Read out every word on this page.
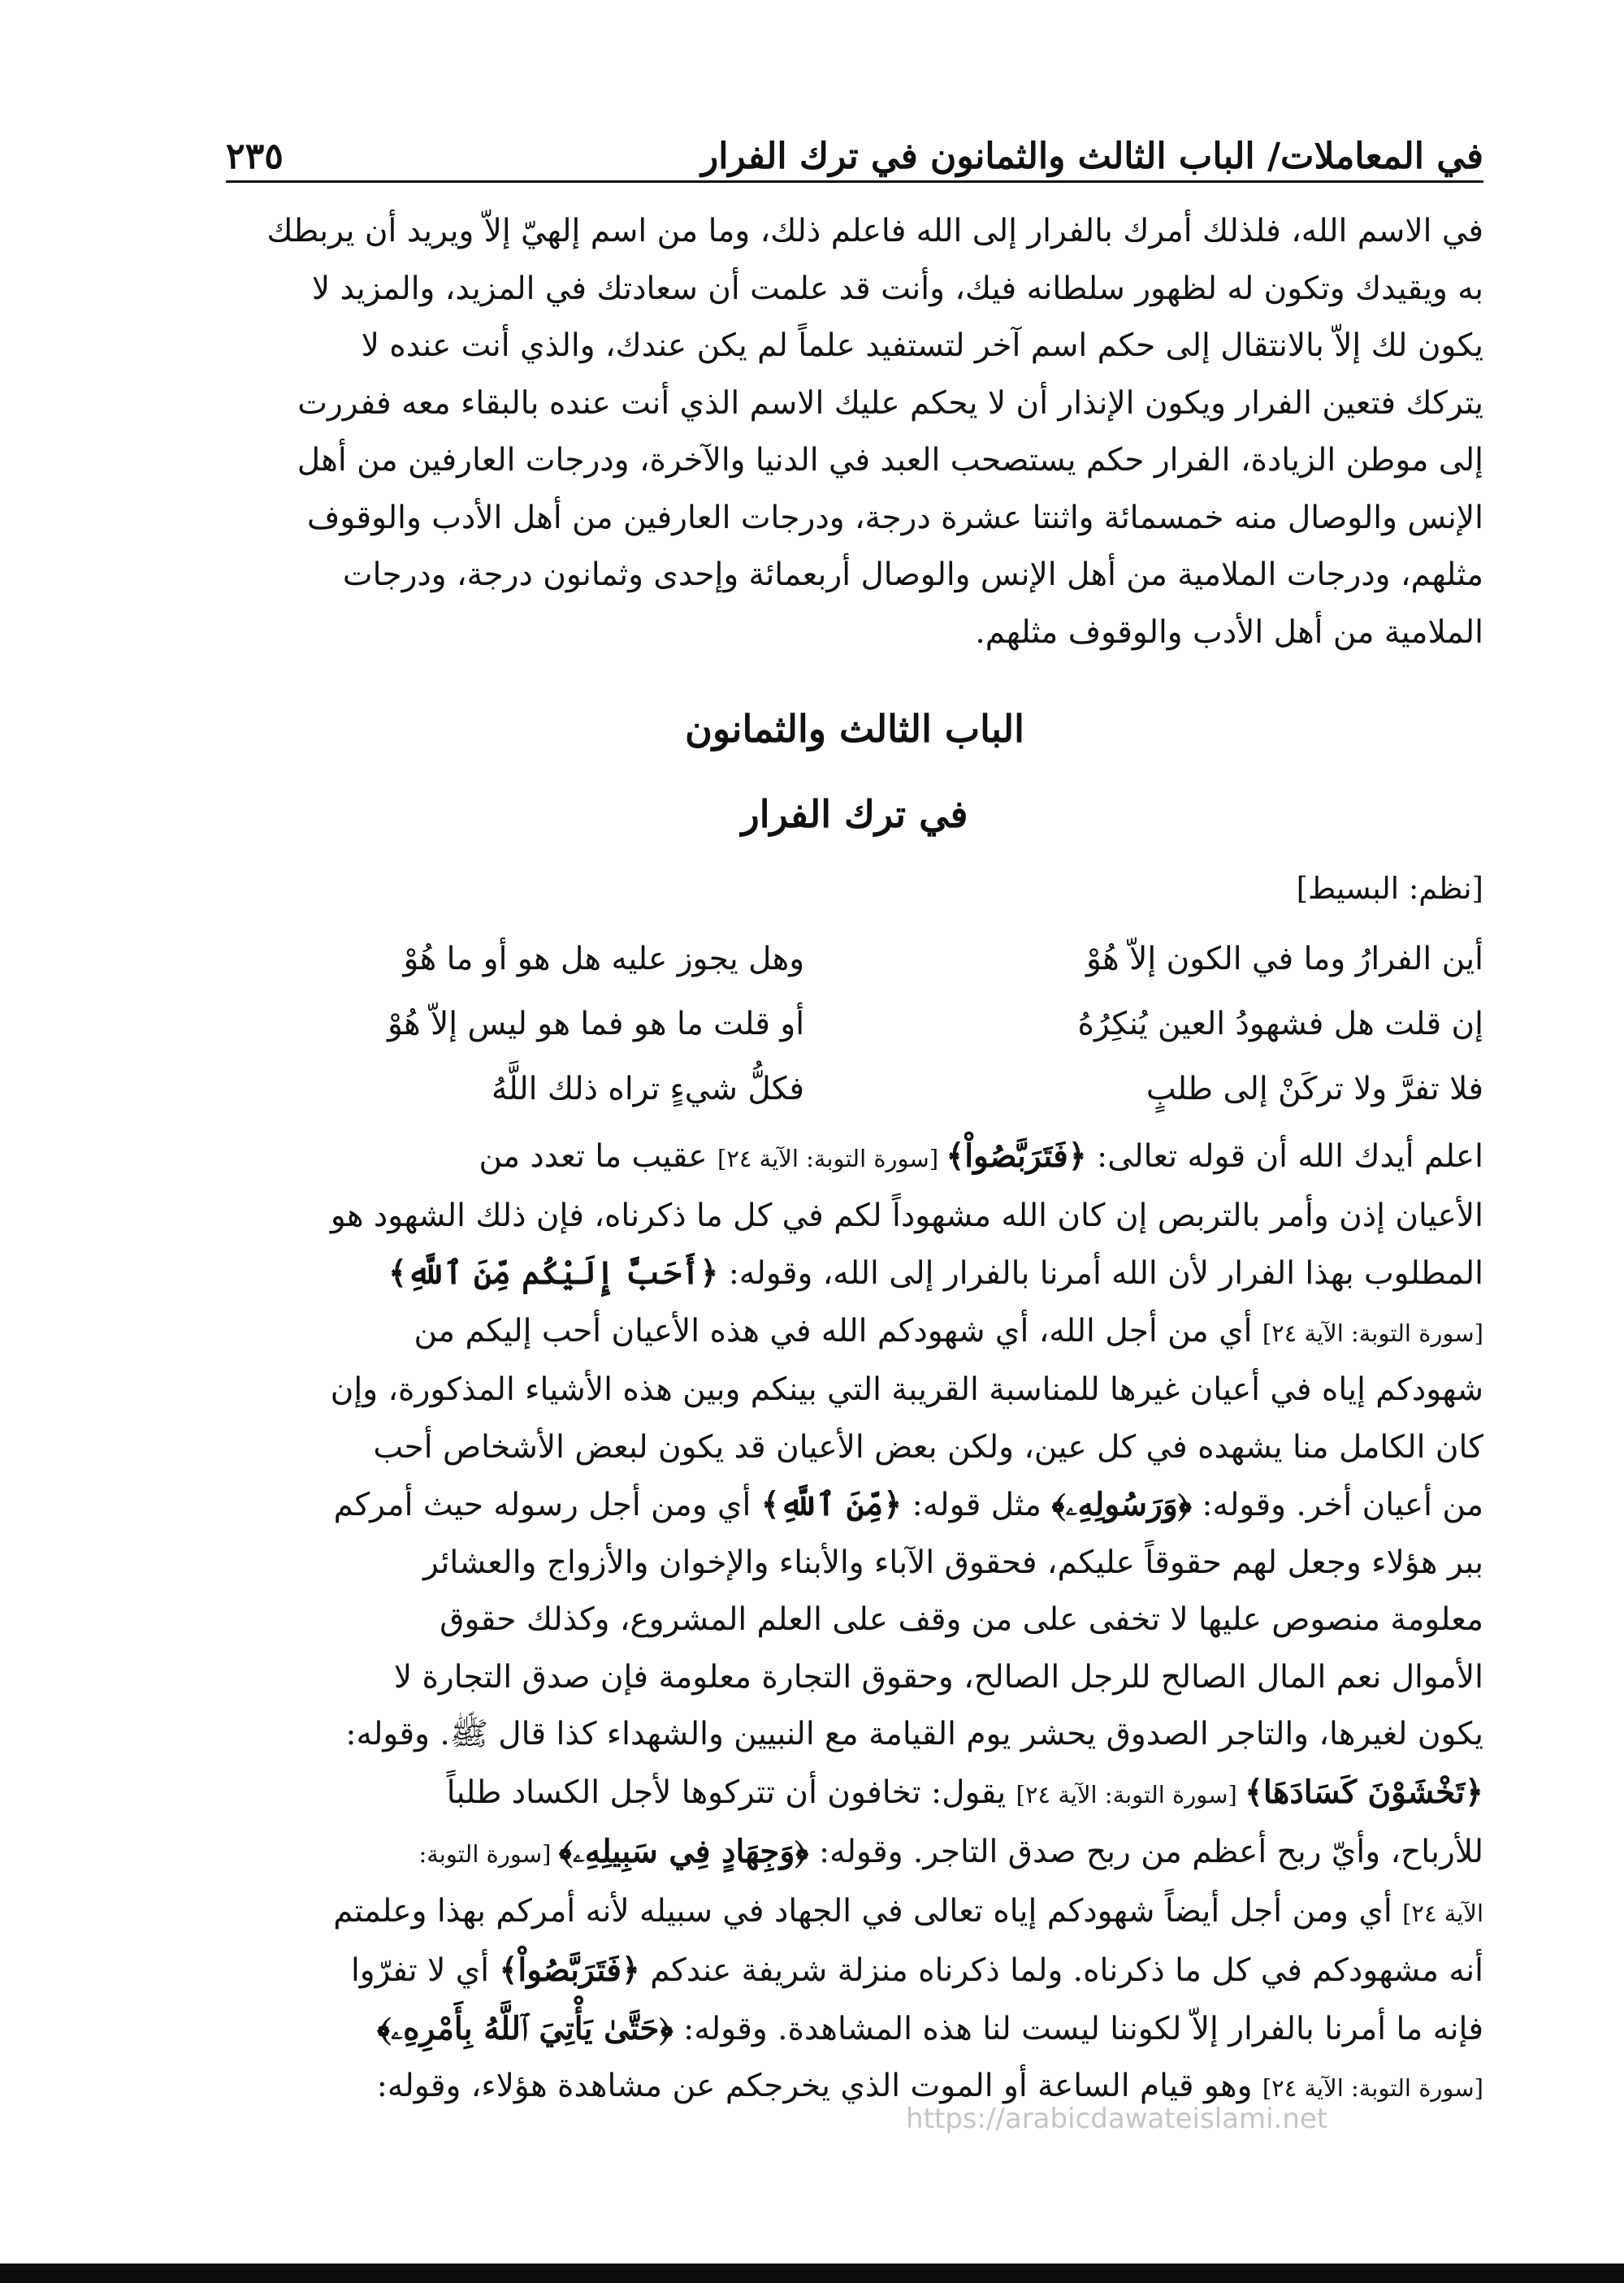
في المعاملات/ الباب الثالث والثمانون في ترك الفرار
٢٣٥

في الاسم الله، فلذلك أمرك بالفرار إلى الله فاعلم ذلك، وما من اسم إلهيّ إلاّ ويريد أن يربطك

به ويقيدك وتكون له لظهور سلطانه فيك، وأنت قد علمت أن سعادتك في المزيد، والمزيد لا

يكون لك إلاّ بالانتقال إلى حكم اسم آخر لتستفيد علماً لم يكن عندك، والذي أنت عنده لا

يتركك فتعين الفرار ويكون الإنذار أن لا يحكم عليك الاسم الذي أنت عنده بالبقاء معه ففررت

إلى موطن الزيادة، الفرار حكم يستصحب العبد في الدنيا والآخرة، ودرجات العارفين من أهل

الإنس والوصال منه خمسمائة واثنتا عشرة درجة، ودرجات العارفين من أهل الأدب والوقوف

مثلهم، ودرجات الملامية من أهل الإنس والوصال أربعمائة وإحدى وثمانون درجة، ودرجات

الملامية من أهل الأدب والوقوف مثلهم.

الباب الثالث والثمانون
في ترك الفرار
[نظم: البسيط]
أين الفرارُ وما في الكون إلاّ هُوْ
وهل يجوز عليه هل هو أو ما هُوْ
إن قلت هل فشهودُ العين يُنكِرُهُ
أو قلت ما هو فما هو ليس إلاّ هُوْ
فلا تفرَّ ولا تركَنْ إلى طلبٍ
فكلُّ شيءٍ تراه ذلك اللَّهُ

اعلم أيدك الله أن قوله تعالى: ﴿فَتَرَبَّصُواْ﴾ [سورة التوبة: الآية ٢٤] عقيب ما تعدد من

الأعيان إذن وأمر بالتربص إن كان الله مشهوداً لكم في كل ما ذكرناه، فإن ذلك الشهود هو

المطلوب بهذا الفرار لأن الله أمرنا بالفرار إلى الله، وقوله: ﴿أَحَبَّ إِلَيْكُم مِّنَ ٱللَّهِ﴾

[سورة التوبة: الآية ٢٤] أي من أجل الله، أي شهودكم الله في هذه الأعيان أحب إليكم من

شهودكم إياه في أعيان غيرها للمناسبة القريبة التي بينكم وبين هذه الأشياء المذكورة، وإن

كان الكامل منا يشهده في كل عين، ولكن بعض الأعيان قد يكون لبعض الأشخاص أحب

من أعيان أخر. وقوله: ﴿وَرَسُولِهِۦ﴾ مثل قوله: ﴿مِّنَ ٱللَّهِ﴾ أي ومن أجل رسوله حيث أمركم

ببر هؤلاء وجعل لهم حقوقاً عليكم، فحقوق الآباء والأبناء والإخوان والأزواج والعشائر

معلومة منصوص عليها لا تخفى على من وقف على العلم المشروع، وكذلك حقوق

الأموال نعم المال الصالح للرجل الصالح، وحقوق التجارة معلومة فإن صدق التجارة لا

يكون لغيرها، والتاجر الصدوق يحشر يوم القيامة مع النبيين والشهداء كذا قال ﷺ. وقوله:

﴿تَخْشَوْنَ كَسَادَهَا﴾ [سورة التوبة: الآية ٢٤] يقول: تخافون أن تتركوها لأجل الكساد طلباً

للأرباح، وأيّ ربح أعظم من ربح صدق التاجر. وقوله: ﴿وَجِهَادٍ فِي سَبِيلِهِۦ﴾ [سورة التوبة:

الآية ٢٤] أي ومن أجل أيضاً شهودكم إياه تعالى في الجهاد في سبيله لأنه أمركم بهذا وعلمتم

أنه مشهودكم في كل ما ذكرناه. ولما ذكرناه منزلة شريفة عندكم ﴿فَتَرَبَّصُواْ﴾ أي لا تفرّوا

فإنه ما أمرنا بالفرار إلاّ لكوننا ليست لنا هذه المشاهدة. وقوله: ﴿حَتَّىٰ يَأْتِيَ ٱللَّهُ بِأَمْرِهِۦ﴾

[سورة التوبة: الآية ٢٤] وهو قيام الساعة أو الموت الذي يخرجكم عن مشاهدة هؤلاء، وقوله:

https://arabicdawateislami.net
